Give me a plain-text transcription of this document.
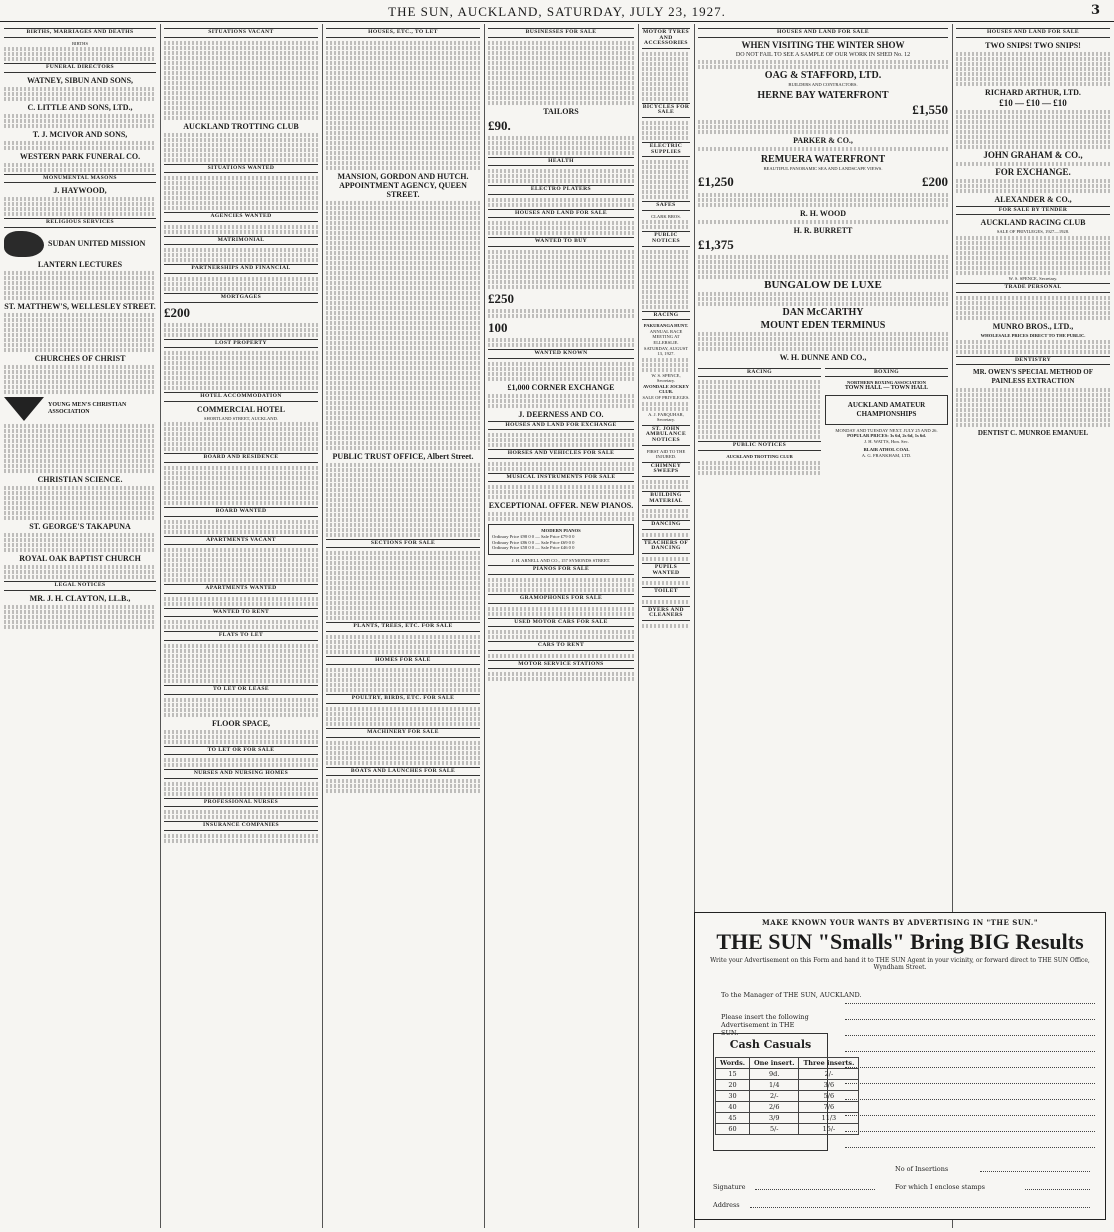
THE SUN, AUCKLAND, SATURDAY, JULY 23, 1927.	3
BIRTHS, MARRIAGES AND DEATHS
BIRTHS
FUNERAL DIRECTORS
WATNEY, SIBUN AND SONS,
C. LITTLE AND SONS, LTD.,
T. J. MCIVOR AND SONS,
WESTERN PARK FUNERAL CO.
MONUMENTAL MASONS
J. HAYWOOD,
RELIGIOUS SERVICES
SUDAN UNITED MISSION
LANTERN LECTURES
ST. MATTHEW'S, WELLESLEY STREET.
CHURCHES OF CHRIST
YOUNG MEN'S CHRISTIAN ASSOCIATION
CHRISTIAN SCIENCE.
ST. GEORGE'S TAKAPUNA
ROYAL OAK BAPTIST CHURCH
LEGAL NOTICES
MR. J. H. CLAYTON, LL.B.,
SITUATIONS VACANT
AUCKLAND TROTTING CLUB
SITUATIONS WANTED
AGENCIES WANTED
MATRIMONIAL
PARTNERSHIPS AND FINANCIAL
MORTGAGES
£200
LOST PROPERTY
HOTEL ACCOMMODATION
COMMERCIAL HOTEL
SHORTLAND STREET, AUCKLAND.
BOARD AND RESIDENCE
BOARD WANTED
APARTMENTS VACANT
APARTMENTS WANTED
WANTED TO RENT
FLATS TO LET
TO LET OR LEASE
FLOOR SPACE,
TO LET OR FOR SALE
NURSES AND NURSING HOMES
PROFESSIONAL NURSES
INSURANCE COMPANIES
HOUSES, ETC., TO LET
MANSION, GORDON AND HUTCH. APPOINTMENT AGENCY, QUEEN STREET.
PUBLIC TRUST OFFICE, Albert Street.
SECTIONS FOR SALE
PLANTS, TREES, ETC. FOR SALE
HOMES FOR SALE
POULTRY, BIRDS, ETC. FOR SALE
MACHINERY FOR SALE
BOATS AND LAUNCHES FOR SALE
BUSINESSES FOR SALE
TAILORS
£90.
HEALTH
ELECTRO PLATERS
HOUSES AND LAND FOR SALE
WANTED TO BUY
£250
100
WANTED KNOWN
£1,000 CORNER EXCHANGE
J. DEERNESS AND CO.
HOUSES AND LAND FOR EXCHANGE
HORSES AND VEHICLES FOR SALE
MUSICAL INSTRUMENTS FOR SALE
EXCEPTIONAL OFFER. NEW PIANOS.
MODERN PIANOS
Ordinary Price £98 0 0 — Sale Price £79 0 0
Ordinary Price £86 0 0 — Sale Price £69 0 0
Ordinary Price £58 0 0 — Sale Price £46 0 0
J. H. ARNELL AND CO., 157 SYMONDS STREET.
PIANOS FOR SALE
GRAMOPHONES FOR SALE
USED MOTOR CARS FOR SALE
CARS TO RENT
MOTOR SERVICE STATIONS
MOTOR TYRES AND ACCESSORIES
BICYCLES FOR SALE
ELECTRIC SUPPLIES
SAFES
CLARK BROS.
PUBLIC NOTICES
RACING
PAKURANGA HUNT.
ANNUAL RACE MEETING AT ELLERSLIE. SATURDAY, AUGUST 13, 1927.
W. S. SPENCE, Secretary.
AVONDALE JOCKEY CLUB.
SALE OF PRIVILEGES.
A. J. FARQUHAR, Secretary.
ST. JOHN AMBULANCE NOTICES
FIRST AID TO THE INJURED.
CHIMNEY SWEEPS
BUILDING MATERIAL
DANCING
TEACHERS OF DANCING
PUPILS WANTED
TOILET
DYERS AND CLEANERS
HOUSES AND LAND FOR SALE
WHEN VISITING THE WINTER SHOW
DO NOT FAIL TO SEE A SAMPLE OF OUR WORK IN SHED No. 12
OAG & STAFFORD, LTD.
BUILDERS AND CONTRACTORS.
HERNE BAY WATERFRONT
£1,550
PARKER & CO.,
REMUERA WATERFRONT
BEAUTIFUL PANORAMIC SEA AND LANDSCAPE VIEWS.
£1,250	£200
R. H. WOOD
H. R. BURRETT
£1,375
BUNGALOW DE LUXE
DAN McCARTHY
MOUNT EDEN TERMINUS
W. H. DUNNE AND CO.,
RACING
PUBLIC NOTICES
AUCKLAND TROTTING CLUB
BOXING
NORTHERN BOXING ASSOCIATION
TOWN HALL — TOWN HALL
AUCKLAND AMATEUR CHAMPIONSHIPS
MONDAY AND TUESDAY NEXT. JULY 25 AND 26.
POPULAR PRICES: 3s 6d, 2s 6d, 1s 6d.
J. H. WATTS, Hon. Sec.
BLAIR ATHOL COAL
A. G. FRANKHAM, LTD.
HOUSES AND LAND FOR SALE
TWO SNIPS! TWO SNIPS!
RICHARD ARTHUR, LTD.
£10 — £10 — £10
JOHN GRAHAM & CO.,
FOR EXCHANGE.
ALEXANDER & CO.,
FOR SALE BY TENDER
AUCKLAND RACING CLUB
SALE OF PRIVILEGES, 1927—1928.
W. S. SPENCE, Secretary.
TRADE PERSONAL
MUNRO BROS., LTD.,
WHOLESALE PRICES DIRECT TO THE PUBLIC.
DENTISTRY
MR. OWEN'S SPECIAL METHOD OF PAINLESS EXTRACTION
DENTIST C. MUNROE EMANUEL
MAKE KNOWN YOUR WANTS BY ADVERTISING IN "THE SUN."
THE SUN "Smalls" Bring BIG Results
Write your Advertisement on this Form and hand it to THE SUN Agent in your vicinity, or forward direct to THE SUN Office, Wyndham Street.
To the Manager of THE SUN, AUCKLAND.
Please insert the following Advertisement in THE SUN.
Cash Casuals
Words.	One insert.	Three inserts.
15	9d.	2/-
20	1/4	3/6
30	2/-	5/6
40	2/6	7/6
45	3/9	11/3
60	5/-	15/-
No of Insertions
Signature	For which I enclose stamps
Address
